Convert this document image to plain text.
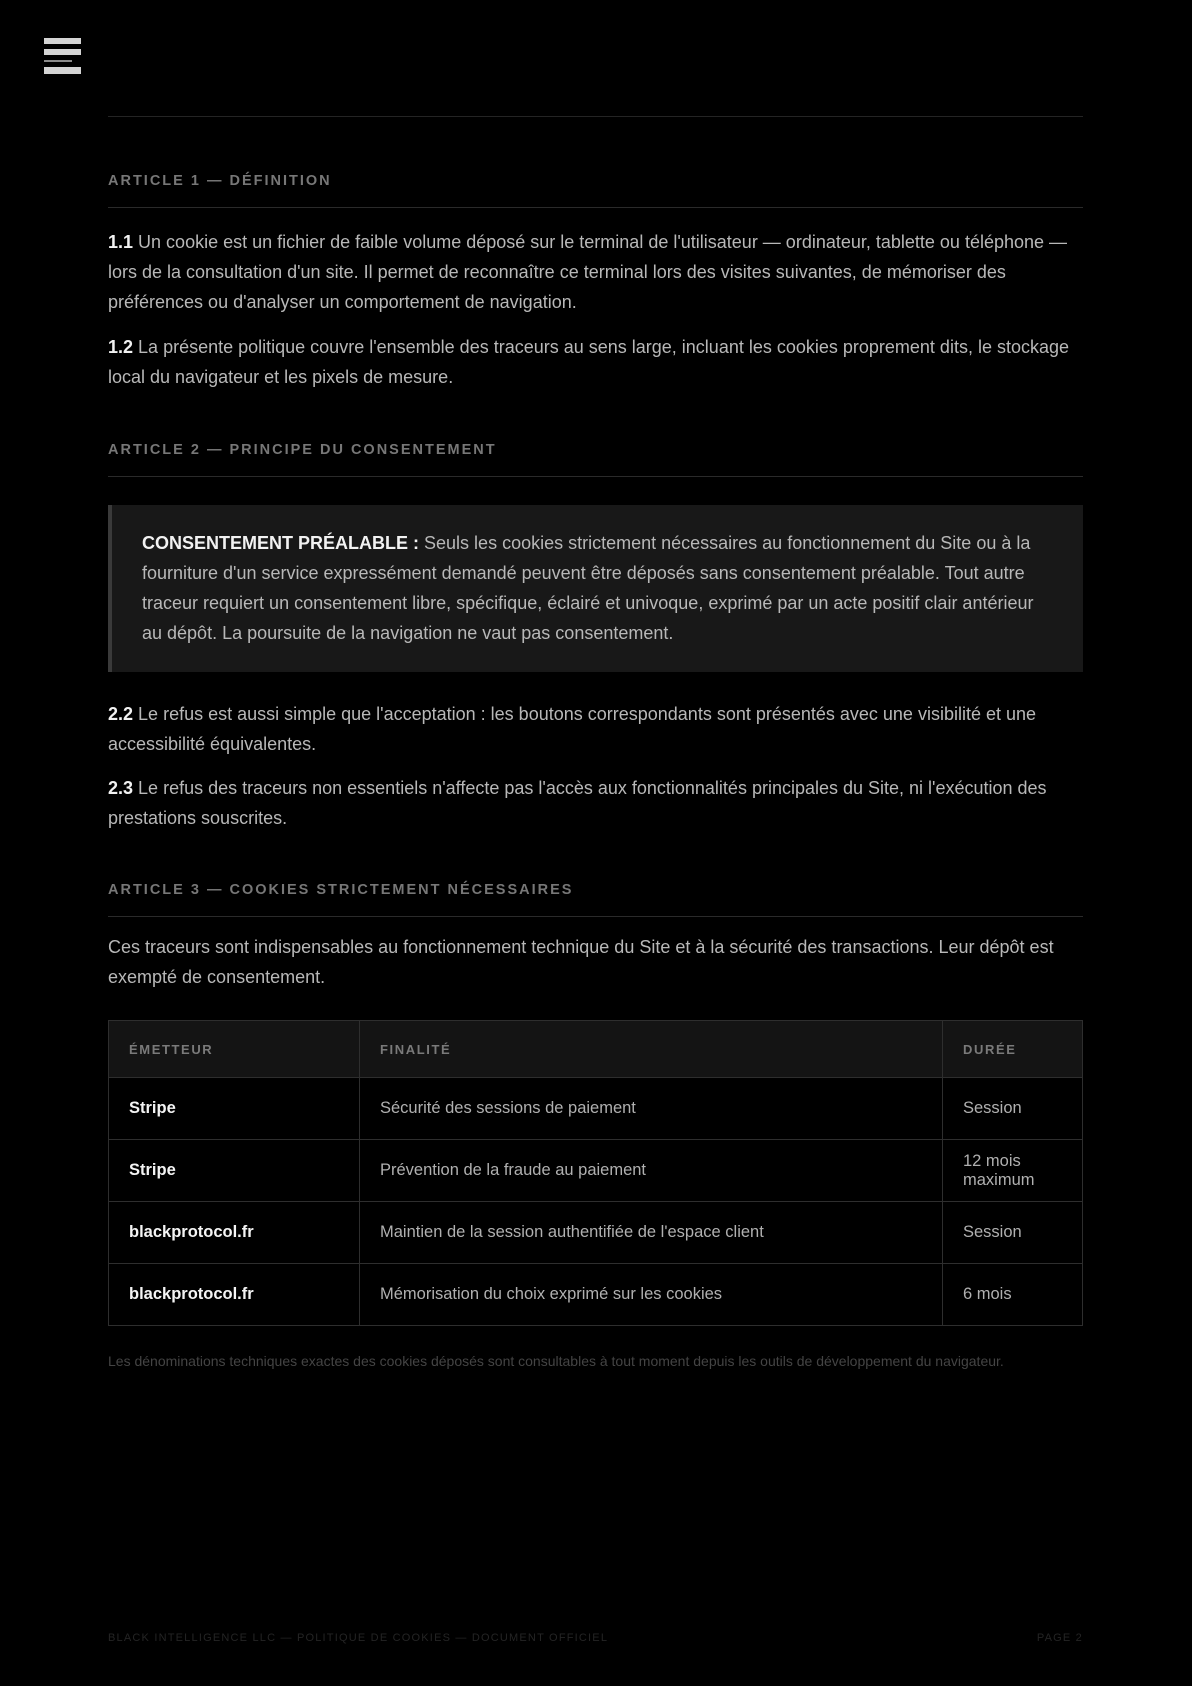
ARTICLE 1 — DÉFINITION

1.1 Un cookie est un fichier de faible volume déposé sur le terminal de l'utilisateur — ordinateur, tablette ou téléphone — lors de la consultation d'un site. Il permet de reconnaître ce terminal lors des visites suivantes, de mémoriser des préférences ou d'analyser un comportement de navigation.

1.2 La présente politique couvre l'ensemble des traceurs au sens large, incluant les cookies proprement dits, le stockage local du navigateur et les pixels de mesure.

ARTICLE 2 — PRINCIPE DU CONSENTEMENT

CONSENTEMENT PRÉALABLE : Seuls les cookies strictement nécessaires au fonctionnement du Site ou à la fourniture d'un service expressément demandé peuvent être déposés sans consentement préalable. Tout autre traceur requiert un consentement libre, spécifique, éclairé et univoque, exprimé par un acte positif clair antérieur au dépôt. La poursuite de la navigation ne vaut pas consentement.

2.2 Le refus est aussi simple que l'acceptation : les boutons correspondants sont présentés avec une visibilité et une accessibilité équivalentes.

2.3 Le refus des traceurs non essentiels n'affecte pas l'accès aux fonctionnalités principales du Site, ni l'exécution des prestations souscrites.

ARTICLE 3 — COOKIES STRICTEMENT NÉCESSAIRES

Ces traceurs sont indispensables au fonctionnement technique du Site et à la sécurité des transactions. Leur dépôt est exempté de consentement.

ÉMETTEUR	FINALITÉ	DURÉE
Stripe	Sécurité des sessions de paiement	Session
Stripe	Prévention de la fraude au paiement	12 mois maximum
blackprotocol.fr	Maintien de la session authentifiée de l'espace client	Session
blackprotocol.fr	Mémorisation du choix exprimé sur les cookies	6 mois

Les dénominations techniques exactes des cookies déposés sont consultables à tout moment depuis les outils de développement du navigateur.

BLACK INTELLIGENCE LLC — POLITIQUE DE COOKIES — DOCUMENT OFFICIEL	PAGE 2
